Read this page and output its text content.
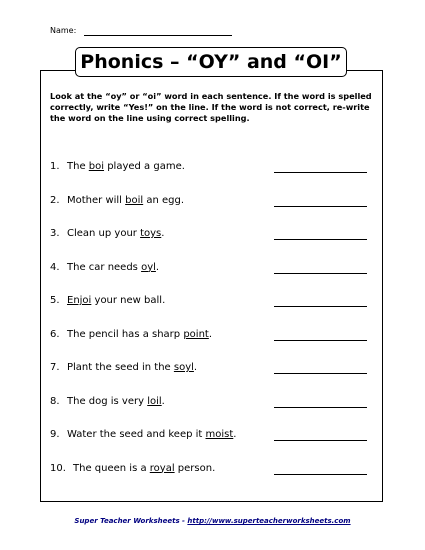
Name:
Phonics – “OY” and “OI”
Look at the “oy” or “oi” word in each sentence. If the word is spelled correctly, write “Yes!” on the line. If the word is not correct, re-write the word on the line using correct spelling.
1. The boi played a game.
2. Mother will boil an egg.
3. Clean up your toys.
4. The car needs oyl.
5. Enjoi your new ball.
6. The pencil has a sharp point.
7. Plant the seed in the soyl.
8. The dog is very loil.
9. Water the seed and keep it moist.
10. The queen is a royal person.
Super Teacher Worksheets - http://www.superteacherworksheets.com
